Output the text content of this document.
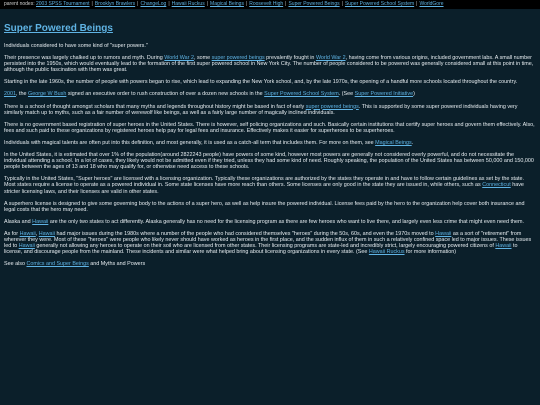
parent nodes: 2003 SPSS Tournament | Brooklyn Brawlers | ChangeLog | Hawaii Ruckus | Magical Beings | Roosevelt High | Super Powered Beings | Super Powered School System | WorldGore
Super Powered Beings

Individuals considered to have some kind of "super powers."

Their presence was largely chalked up to rumors and myth. During World War 2, some super powered beings prevalently fought in World War 2, having come from various origins, included government labs. A small number persisted into the 1950s, which would eventually lead to the formation of the first super powered school in New York City. The number of people considered to be powered was generally considered small at this point in time, although the public fascination with them was great.

Starting in the late 1960s, the number of people with powers began to rise, which lead to expanding the New York school, and, by the late 1970s, the opening of a handful more schools located throughout the country.

2001, the George W Bush signed an executive order to rush construction of over a dozen new schools in the Super Powered School System. (See Super Powered Initiative)

There is a school of thought amongst scholars that many myths and legends throughout history might be based in fact of early super powered beings. This is supported by some super powered individuals having very similarly match up to myths, such as a fair number of werewolf like beings, as well as a fairly large number of magically inclined individuals.

There is no government based registration of super heroes in the United States. There is however, self policing organizations and such. Basically certain institutions that certify super heroes and govern them effectively. Also, fees and such paid to these organizations by registered heroes help pay for legal fees and insurance. Effectively makes it easier for superheroes to be superheroes.

Individuals with magical talents are often put into this definition, and most generally, it is used as a catch-all term that includes them. For more on them, see Magical Beings.

In the United States, it is estimated that over 1% of the population(around 2822243 people) have powers of some kind, however most powers are generally not considered overly powerful, and do not necessitate the individual attending a school. In a lot of cases, they likely would not be admitted even if they tried, unless they had some kind of need. Roughly speaking, the population of the United States has between 50,000 and 150,000 people between the ages of 13 and 18 who may qualify for, or otherwise need access to these schools.

Typically in the United States, "Super heroes" are licensed with a licensing organization. Typically these organizations are authorized by the states they operate in and have to follow certain guidelines as set by the state. Most states require a license to operate as a powered individual in. Some state licenses have more reach than others. Some licenses are only good in the state they are issued in, while others, such as Connecticut have stricter licensing laws, and their licenses are valid in other states.

A superhero license is designed to give some governing body to the actions of a super hero, as well as help insure the powered individual. License fees paid by the hero to the organization help cover both insurance and legal costs that the hero may need.

Alaska and Hawaii are the only two states to act differently. Alaska generally has no need for the licensing program as there are few heroes who want to live there, and largely even less crime that might even need them.

As for Hawaii, Hawaii had major issues during the 1980s where a number of the people who had considered themselves "heroes" during the 50s, 60s, and even the 1970s moved to Hawaii as a sort of "retirement" from wherever they were. Most of these "heroes" were people who likely never should have worked as heroes in the first place, and the sudden influx of them in such a relatively confined space led to major issues. These issues led to Hawaii generally not allowing any heroes to operate on their soil who are licensed from other states. Their licensing programs are state-led and incredibly strict, largely encouraging powered citizens of Hawaii to license, and discourage people from the mainland. These incidents and similar were what helped bring about licensing organizations in every state. (See Hawaii Ruckus for more information)

See also Comics and Super Beings and Myths and Powers
